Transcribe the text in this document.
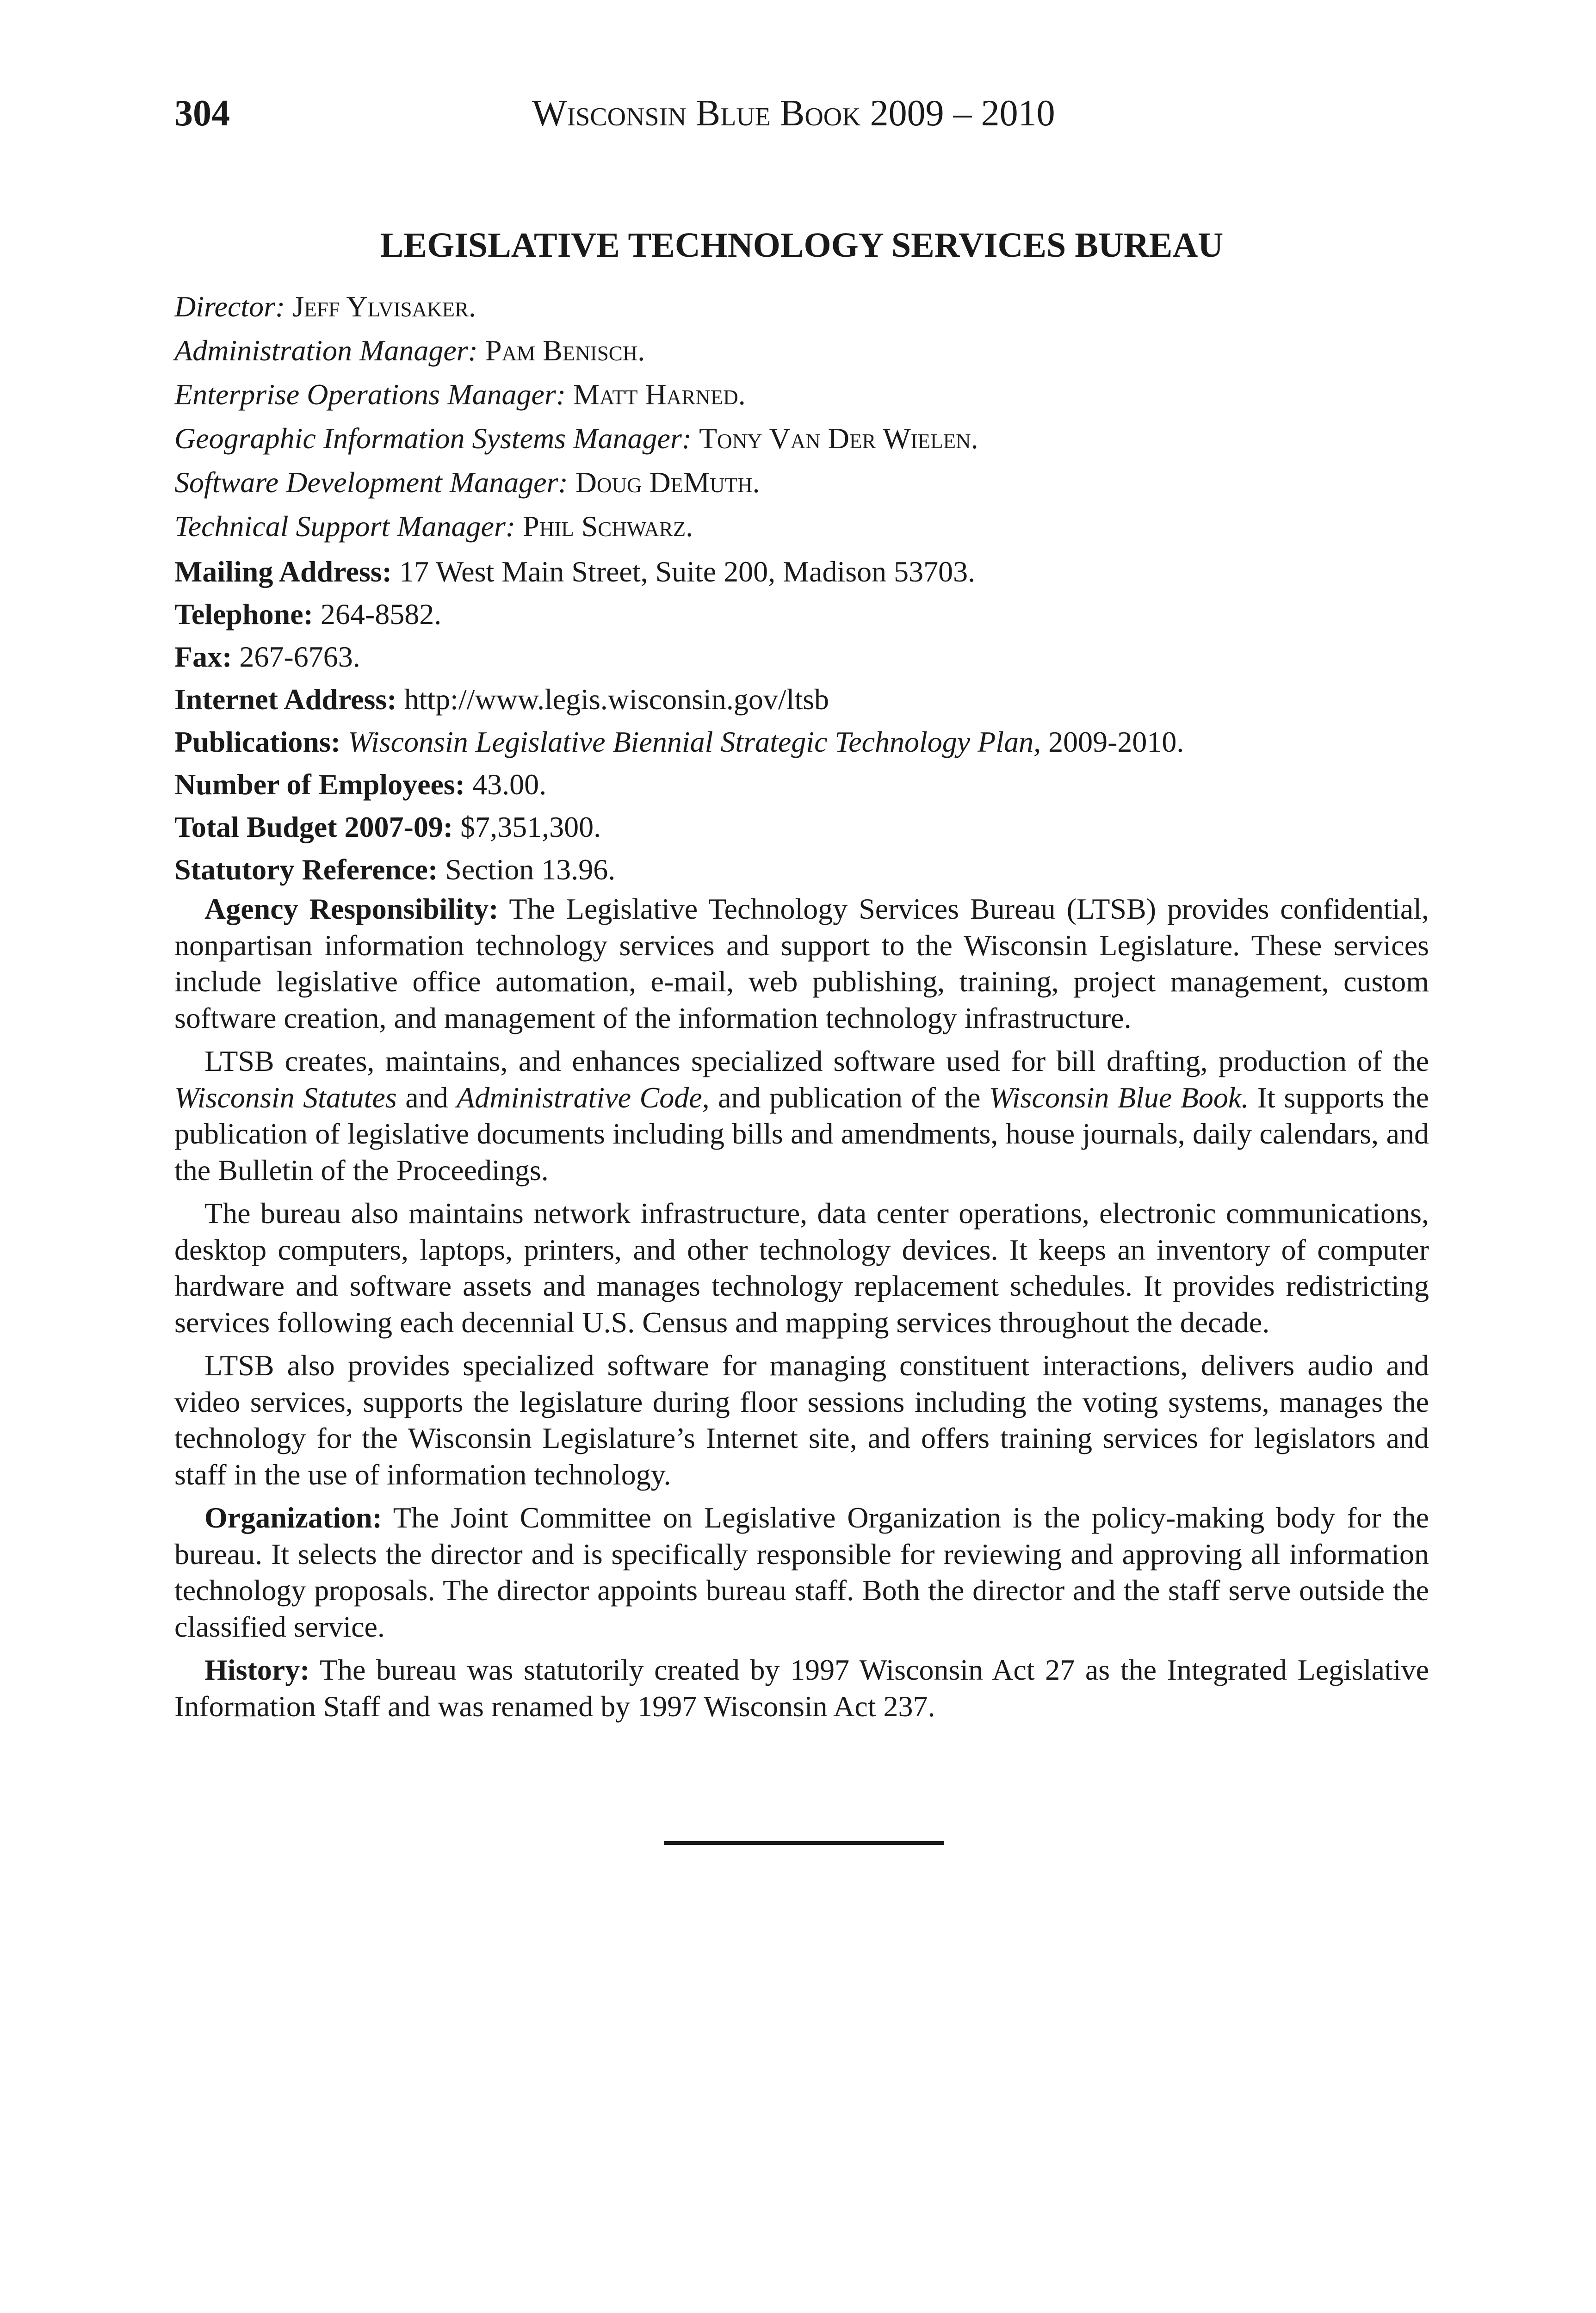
304	Wisconsin Blue Book 2009 – 2010
LEGISLATIVE TECHNOLOGY SERVICES BUREAU
Director: Jeff Ylvisaker.
Administration Manager: Pam Benisch.
Enterprise Operations Manager: Matt Harned.
Geographic Information Systems Manager: Tony Van Der Wielen.
Software Development Manager: Doug DeMuth.
Technical Support Manager: Phil Schwarz.
Mailing Address: 17 West Main Street, Suite 200, Madison 53703.
Telephone: 264-8582.
Fax: 267-6763.
Internet Address: http://www.legis.wisconsin.gov/ltsb
Publications: Wisconsin Legislative Biennial Strategic Technology Plan, 2009-2010.
Number of Employees: 43.00.
Total Budget 2007-09: $7,351,300.
Statutory Reference: Section 13.96.

Agency Responsibility: The Legislative Technology Services Bureau (LTSB) provides confidential, nonpartisan information technology services and support to the Wisconsin Legislature. These services include legislative office automation, e-mail, web publishing, training, project management, custom software creation, and management of the information technology infrastructure.

LTSB creates, maintains, and enhances specialized software used for bill drafting, production of the Wisconsin Statutes and Administrative Code, and publication of the Wisconsin Blue Book. It supports the publication of legislative documents including bills and amendments, house journals, daily calendars, and the Bulletin of the Proceedings.

The bureau also maintains network infrastructure, data center operations, electronic communications, desktop computers, laptops, printers, and other technology devices. It keeps an inventory of computer hardware and software assets and manages technology replacement schedules. It provides redistricting services following each decennial U.S. Census and mapping services throughout the decade.

LTSB also provides specialized software for managing constituent interactions, delivers audio and video services, supports the legislature during floor sessions including the voting systems, manages the technology for the Wisconsin Legislature’s Internet site, and offers training services for legislators and staff in the use of information technology.

Organization: The Joint Committee on Legislative Organization is the policy-making body for the bureau. It selects the director and is specifically responsible for reviewing and approving all information technology proposals. The director appoints bureau staff. Both the director and the staff serve outside the classified service.

History: The bureau was statutorily created by 1997 Wisconsin Act 27 as the Integrated Legislative Information Staff and was renamed by 1997 Wisconsin Act 237.
